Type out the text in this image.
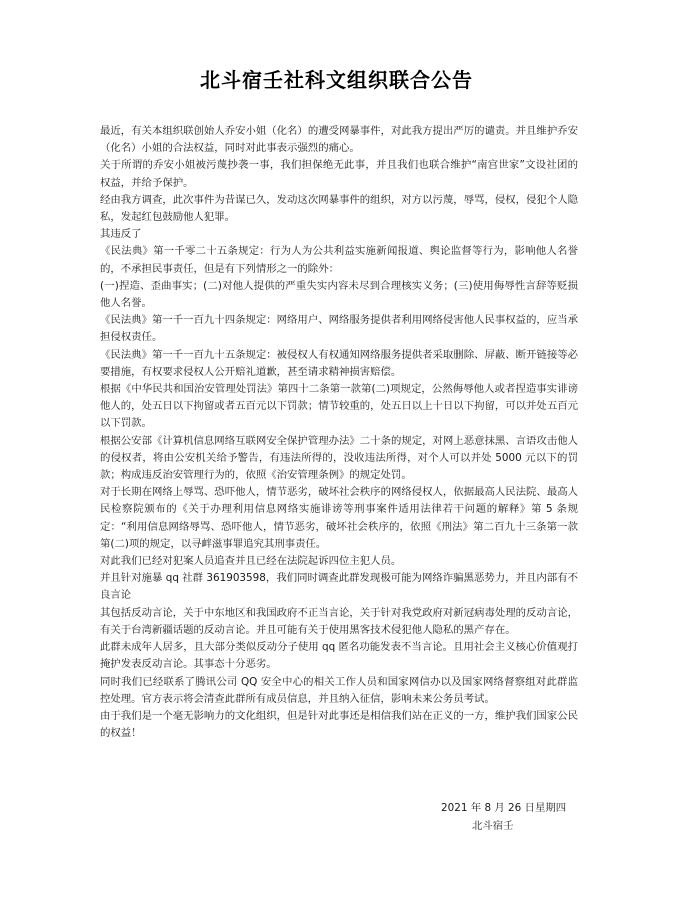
北斗宿壬社科文组织联合公告

最近，有关本组织联创始人乔安小姐（化名）的遭受网暴事件，对此我方提出严厉的谴责。并且维护乔安（化名）小姐的合法权益，同时对此事表示强烈的痛心。

关于所谓的乔安小姐被污蔑抄袭一事，我们担保绝无此事，并且我们也联合维护“南宫世家”文设社团的权益，并给予保护。

经由我方调查，此次事件为昔谋已久，发动这次网暴事件的组织，对方以污蔑，辱骂，侵权，侵犯个人隐私，发起红包鼓励他人犯罪。

其违反了

《民法典》第一千零二十五条规定：行为人为公共利益实施新闻报道、舆论监督等行为，影响他人名誉的，不承担民事责任，但是有下列情形之一的除外：

(一)捏造、歪曲事实；(二)对他人提供的严重失实内容未尽到合理核实义务；(三)使用侮辱性言辞等贬损他人名誉。

《民法典》第一千一百九十四条规定：网络用户、网络服务提供者利用网络侵害他人民事权益的，应当承担侵权责任。

《民法典》第一千一百九十五条规定：被侵权人有权通知网络服务提供者采取删除、屏蔽、断开链接等必要措施，有权要求侵权人公开赔礼道歉，甚至请求精神损害赔偿。

根据《中华民共和国治安管理处罚法》第四十二条第一款第(二)项规定，公然侮辱他人或者捏造事实诽谤他人的，处五日以下拘留或者五百元以下罚款；情节较重的，处五日以上十日以下拘留，可以并处五百元以下罚款。

根据公安部《计算机信息网络互联网安全保护管理办法》二十条的规定，对网上恶意抹黑、言语攻击他人的侵权者，将由公安机关给予警告，有违法所得的，没收违法所得，对个人可以并处 5000 元以下的罚款；构成违反治安管理行为的，依照《治安管理条例》的规定处罚。

对于长期在网络上辱骂、恐吓他人，情节恶劣，破坏社会秩序的网络侵权人，依据最高人民法院、最高人民检察院颁布的《关于办理利用信息网络实施诽谤等刑事案件适用法律若干问题的解释》第 5 条规定：“利用信息网络辱骂、恐吓他人，情节恶劣，破坏社会秩序的，依照《刑法》第二百九十三条第一款第(二)项的规定，以寻衅滋事罪追究其刑事责任。

对此我们已经对犯案人员追查并且已经在法院起诉四位主犯人员。

并且针对施暴 qq 社群 361903598，我们同时调查此群发现极可能为网络诈骗黑恶势力，并且内部有不良言论

其包括反动言论，关于中东地区和我国政府不正当言论，关于针对我党政府对新冠病毒处理的反动言论，有关于台湾新疆话题的反动言论。并且可能有关于使用黑客技术侵犯他人隐私的黑产存在。

此群未成年人居多，且大部分类似反动分子使用 qq 匿名功能发表不当言论。且用社会主义核心价值观打掩护发表反动言论。其事态十分恶劣。

同时我们已经联系了腾讯公司 QQ 安全中心的相关工作人员和国家网信办以及国家网络督察组对此群监控处理。官方表示将会清查此群所有成员信息，并且纳入征信，影响未来公务员考试。

由于我们是一个毫无影响力的文化组织，但是针对此事还是相信我们站在正义的一方，维护我们国家公民的权益！

2021 年 8 月 26 日星期四
北斗宿壬
